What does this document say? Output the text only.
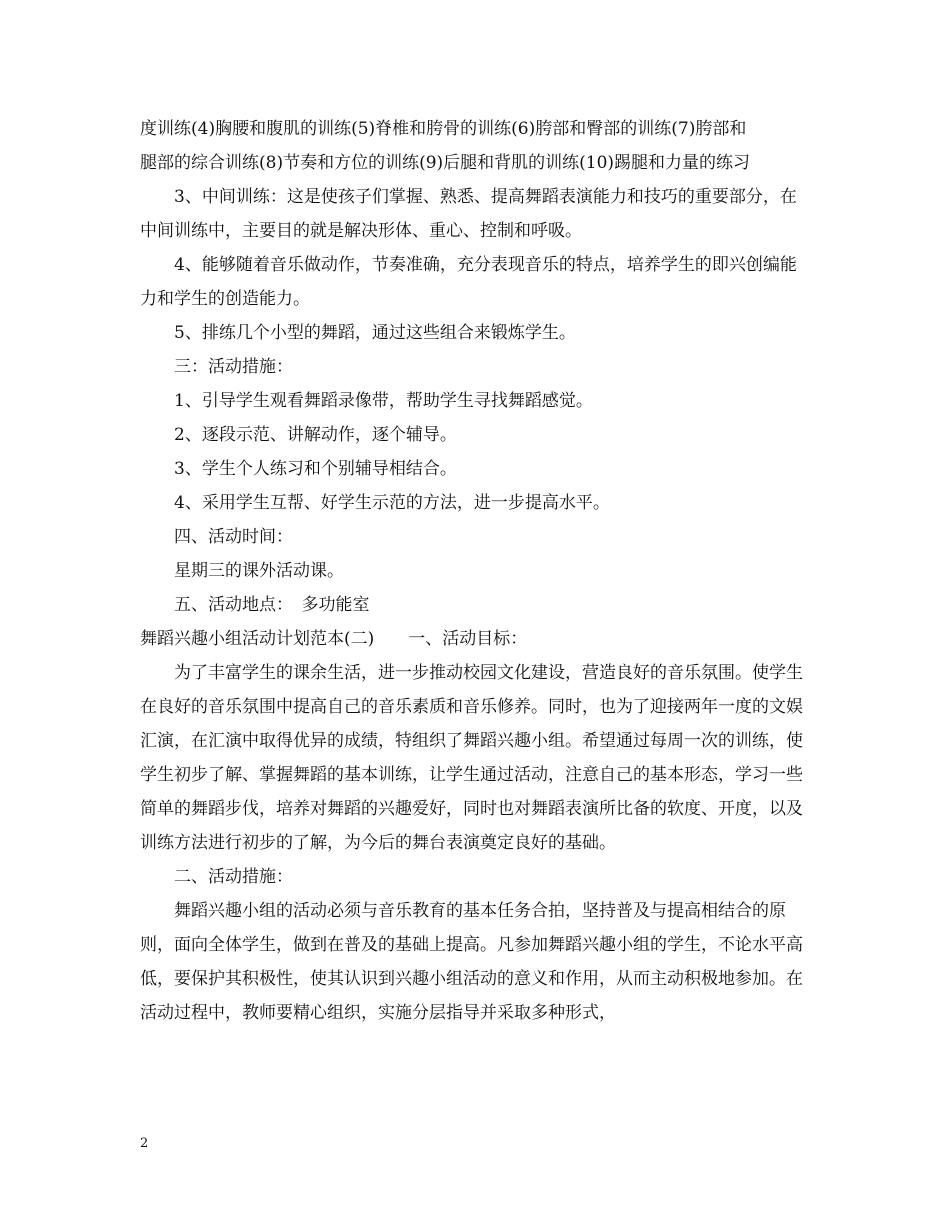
度训练(4)胸腰和腹肌的训练(5)脊椎和胯骨的训练(6)胯部和臀部的训练(7)胯部和

腿部的综合训练(8)节奏和方位的训练(9)后腿和背肌的训练(10)踢腿和力量的练习

3、中间训练：这是使孩子们掌握、熟悉、提高舞蹈表演能力和技巧的重要部分，在中间训练中，主要目的就是解决形体、重心、控制和呼吸。

4、能够随着音乐做动作，节奏准确，充分表现音乐的特点，培养学生的即兴创编能力和学生的创造能力。

5、排练几个小型的舞蹈，通过这些组合来锻炼学生。

三：活动措施：

1、引导学生观看舞蹈录像带，帮助学生寻找舞蹈感觉。

2、逐段示范、讲解动作，逐个辅导。

3、学生个人练习和个别辅导相结合。

4、采用学生互帮、好学生示范的方法，进一步提高水平。

四、活动时间：

星期三的课外活动课。

五、活动地点：　多功能室

舞蹈兴趣小组活动计划范本(二)　　一、活动目标：

为了丰富学生的课余生活，进一步推动校园文化建设，营造良好的音乐氛围。使学生在良好的音乐氛围中提高自己的音乐素质和音乐修养。同时，也为了迎接两年一度的文娱汇演，在汇演中取得优异的成绩，特组织了舞蹈兴趣小组。希望通过每周一次的训练，使学生初步了解、掌握舞蹈的基本训练，让学生通过活动，注意自己的基本形态，学习一些简单的舞蹈步伐，培养对舞蹈的兴趣爱好，同时也对舞蹈表演所比备的软度、开度，以及训练方法进行初步的了解，为今后的舞台表演奠定良好的基础。

二、活动措施：

舞蹈兴趣小组的活动必须与音乐教育的基本任务合拍，坚持普及与提高相结合的原则，面向全体学生，做到在普及的基础上提高。凡参加舞蹈兴趣小组的学生，不论水平高低，要保护其积极性，使其认识到兴趣小组活动的意义和作用，从而主动积极地参加。在活动过程中，教师要精心组织，实施分层指导并采取多种形式，

2
